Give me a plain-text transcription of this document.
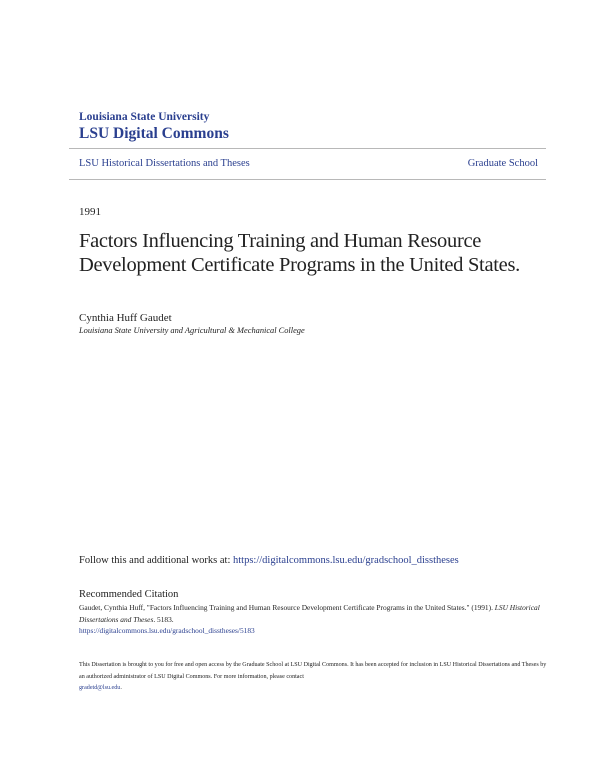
Louisiana State University
LSU Digital Commons
LSU Historical Dissertations and Theses	Graduate School
1991
Factors Influencing Training and Human Resource Development Certificate Programs in the United States.
Cynthia Huff Gaudet
Louisiana State University and Agricultural & Mechanical College
Follow this and additional works at: https://digitalcommons.lsu.edu/gradschool_disstheses
Recommended Citation
Gaudet, Cynthia Huff, "Factors Influencing Training and Human Resource Development Certificate Programs in the United States." (1991). LSU Historical Dissertations and Theses. 5183.
https://digitalcommons.lsu.edu/gradschool_disstheses/5183
This Dissertation is brought to you for free and open access by the Graduate School at LSU Digital Commons. It has been accepted for inclusion in LSU Historical Dissertations and Theses by an authorized administrator of LSU Digital Commons. For more information, please contact
gradetd@lsu.edu.
